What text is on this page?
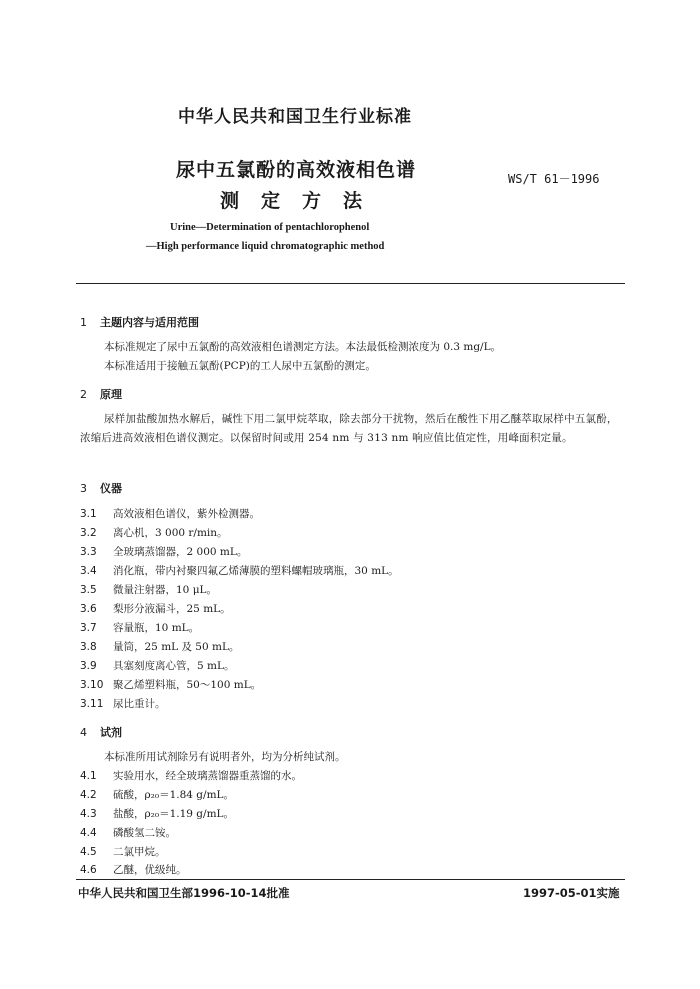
中华人民共和国卫生行业标准
尿中五氯酚的高效液相色谱
测定方法
WS/T 61－1996
Urine—Determination of pentachlorophenol
—High performance liquid chromatographic method
1 主题内容与适用范围
本标准规定了尿中五氯酚的高效液相色谱测定方法。本法最低检测浓度为 0.3 mg/L。
本标准适用于接触五氯酚(PCP)的工人尿中五氯酚的测定。
2 原理
尿样加盐酸加热水解后，碱性下用二氯甲烷萃取，除去部分干扰物，然后在酸性下用乙醚萃取尿样中五氯酚，浓缩后进高效液相色谱仪测定。以保留时间或用 254 nm 与 313 nm 响应值比值定性，用峰面积定量。
3 仪器
3.1 高效液相色谱仪，紫外检测器。
3.2 离心机，3 000 r/min。
3.3 全玻璃蒸馏器，2 000 mL。
3.4 消化瓶，带内衬聚四氟乙烯薄膜的塑料螺帽玻璃瓶，30 mL。
3.5 微量注射器，10 μL。
3.6 梨形分液漏斗，25 mL。
3.7 容量瓶，10 mL。
3.8 量筒，25 mL 及 50 mL。
3.9 具塞刻度离心管，5 mL。
3.10 聚乙烯塑料瓶，50～100 mL。
3.11 尿比重计。
4 试剂
本标准所用试剂除另有说明者外，均为分析纯试剂。
4.1 实验用水，经全玻璃蒸馏器重蒸馏的水。
4.2 硫酸，ρ₂₀＝1.84 g/mL。
4.3 盐酸，ρ₂₀＝1.19 g/mL。
4.4 磷酸氢二铵。
4.5 二氯甲烷。
4.6 乙醚，优级纯。
中华人民共和国卫生部1996-10-14批准	1997-05-01实施
